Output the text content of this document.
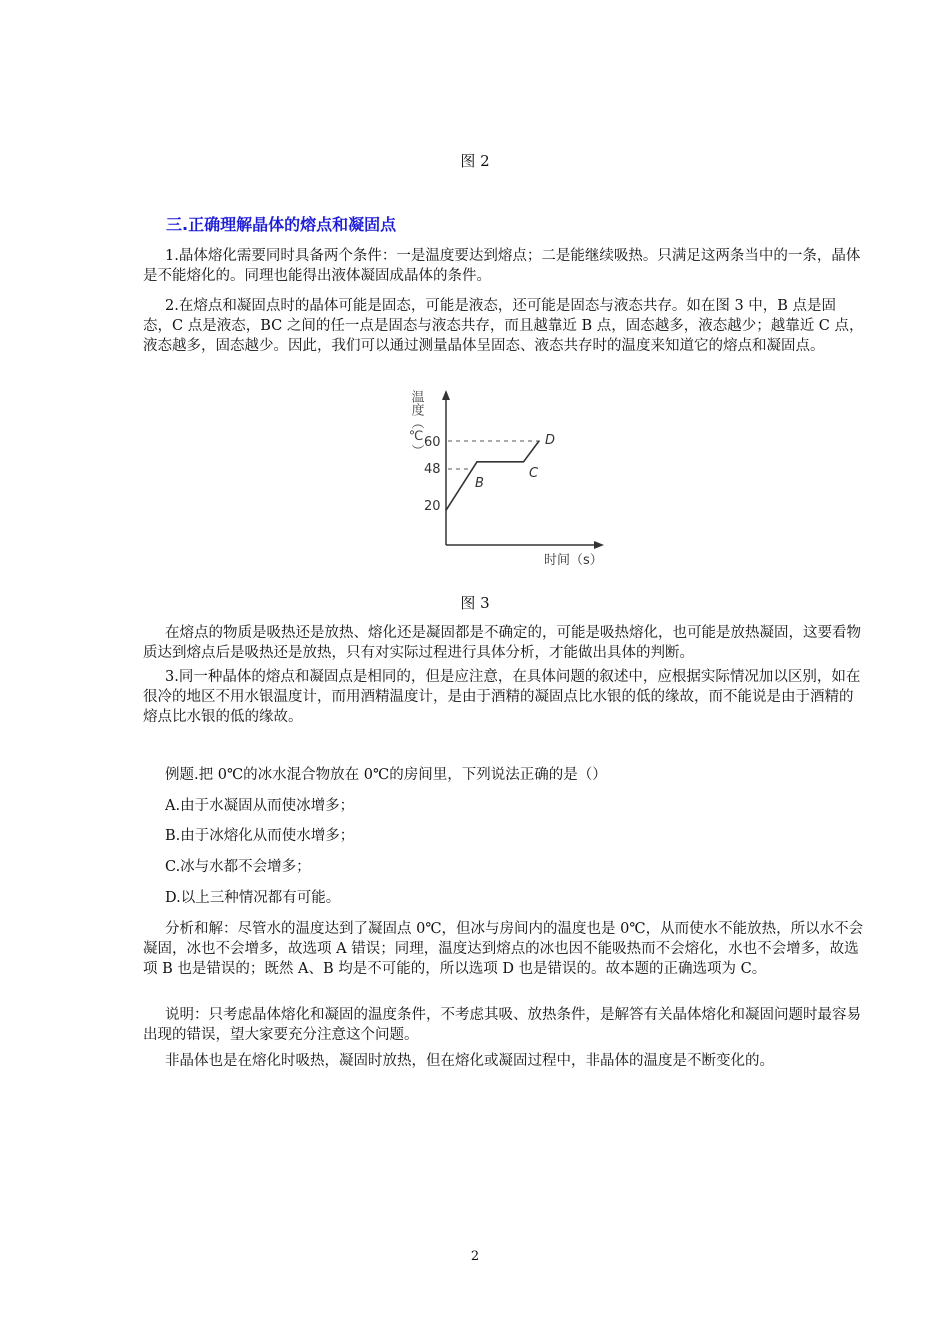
图 2
三.正确理解晶体的熔点和凝固点

1.晶体熔化需要同时具备两个条件：一是温度要达到熔点；二是能继续吸热。只满足这两条当中的一条，晶体是不能熔化的。同理也能得出液体凝固成晶体的条件。

2.在熔点和凝固点时的晶体可能是固态，可能是液态，还可能是固态与液态共存。如在图 3 中，B 点是固态，C 点是液态，BC 之间的任一点是固态与液态共存，而且越靠近 B 点，固态越多，液态越少；越靠近 C 点，液态越多，固态越少。因此，我们可以通过测量晶体呈固态、液态共存时的温度来知道它的熔点和凝固点。

温度（℃） 60
48
20
B
C
D
时间（s）
图 3

在熔点的物质是吸热还是放热、熔化还是凝固都是不确定的，可能是吸热熔化，也可能是放热凝固，这要看物质达到熔点后是吸热还是放热，只有对实际过程进行具体分析，才能做出具体的判断。

3.同一种晶体的熔点和凝固点是相同的，但是应注意，在具体问题的叙述中，应根据实际情况加以区别，如在很冷的地区不用水银温度计，而用酒精温度计，是由于酒精的凝固点比水银的低的缘故，而不能说是由于酒精的熔点比水银的低的缘故。

例题.把 0℃的冰水混合物放在 0℃的房间里，下列说法正确的是（）

A.由于水凝固从而使冰增多；

B.由于冰熔化从而使水增多；

C.冰与水都不会增多；

D.以上三种情况都有可能。

分析和解：尽管水的温度达到了凝固点 0℃，但冰与房间内的温度也是 0℃，从而使水不能放热，所以水不会凝固，冰也不会增多，故选项 A 错误；同理，温度达到熔点的冰也因不能吸热而不会熔化，水也不会增多，故选项 B 也是错误的；既然 A、B 均是不可能的，所以选项 D 也是错误的。故本题的正确选项为 C。

说明：只考虑晶体熔化和凝固的温度条件，不考虑其吸、放热条件，是解答有关晶体熔化和凝固问题时最容易出现的错误，望大家要充分注意这个问题。

非晶体也是在熔化时吸热，凝固时放热，但在熔化或凝固过程中，非晶体的温度是不断变化的。

2
